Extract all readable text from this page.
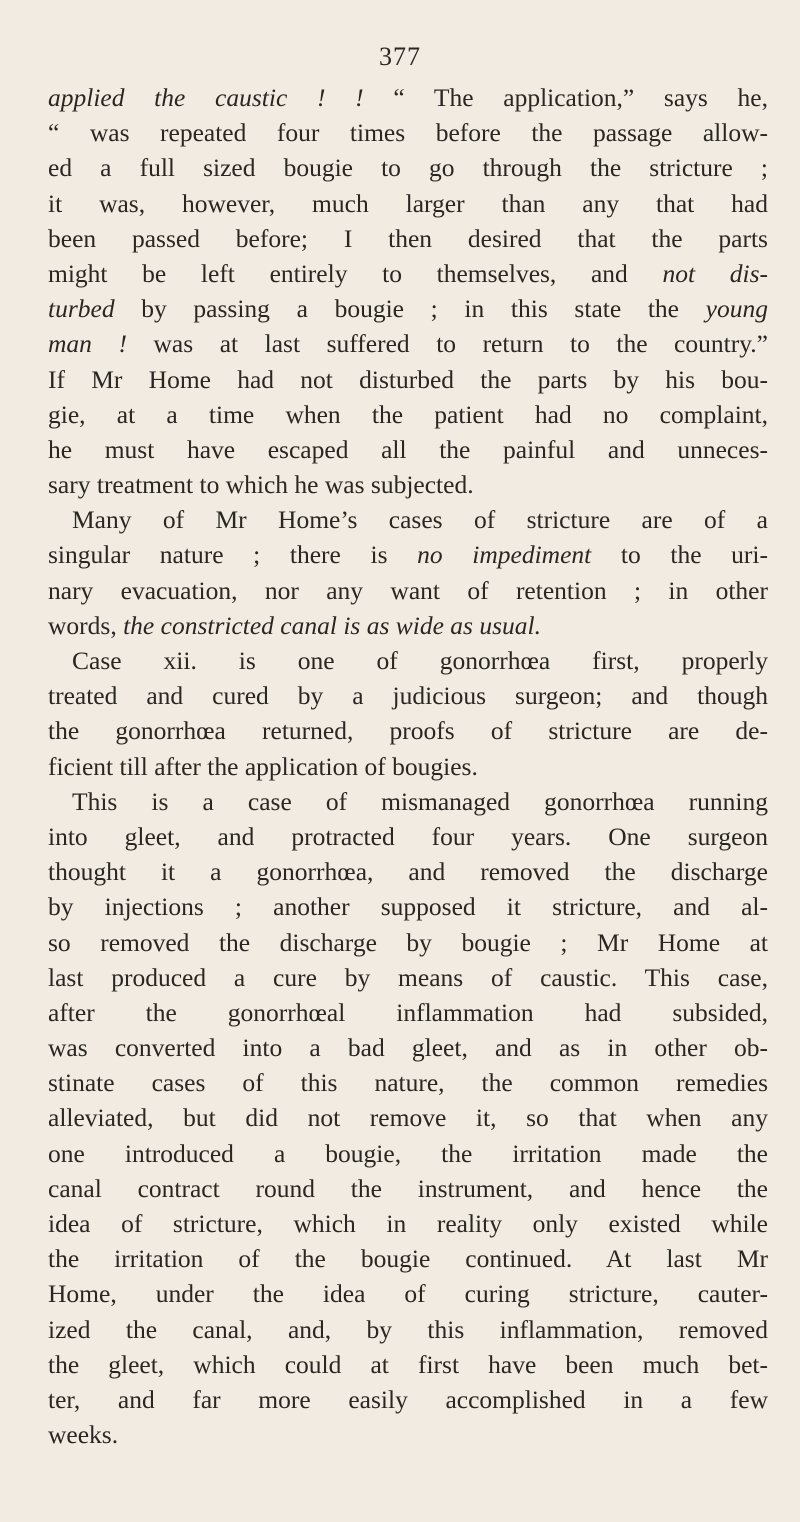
377
applied the caustic ! ! “ The application,” says he,
“ was repeated four times before the passage allow-
ed a full sized bougie to go through the stricture ;
it was, however, much larger than any that had
been passed before; I then desired that the parts
might be left entirely to themselves, and not dis-
turbed by passing a bougie ; in this state the young
man ! was at last suffered to return to the country.”
If Mr Home had not disturbed the parts by his bou-
gie, at a time when the patient had no complaint,
he must have escaped all the painful and unneces-
sary treatment to which he was subjected.
Many of Mr Home’s cases of stricture are of a
singular nature ; there is no impediment to the uri-
nary evacuation, nor any want of retention ; in other
words, the constricted canal is as wide as usual.
Case xii. is one of gonorrhœa first, properly
treated and cured by a judicious surgeon; and though
the gonorrhœa returned, proofs of stricture are de-
ficient till after the application of bougies.
This is a case of mismanaged gonorrhœa running
into gleet, and protracted four years. One surgeon
thought it a gonorrhœa, and removed the discharge
by injections ; another supposed it stricture, and al-
so removed the discharge by bougie ; Mr Home at
last produced a cure by means of caustic. This case,
after the gonorrhœal inflammation had subsided,
was converted into a bad gleet, and as in other ob-
stinate cases of this nature, the common remedies
alleviated, but did not remove it, so that when any
one introduced a bougie, the irritation made the
canal contract round the instrument, and hence the
idea of stricture, which in reality only existed while
the irritation of the bougie continued. At last Mr
Home, under the idea of curing stricture, cauter-
ized the canal, and, by this inflammation, removed
the gleet, which could at first have been much bet-
ter, and far more easily accomplished in a few
weeks.
